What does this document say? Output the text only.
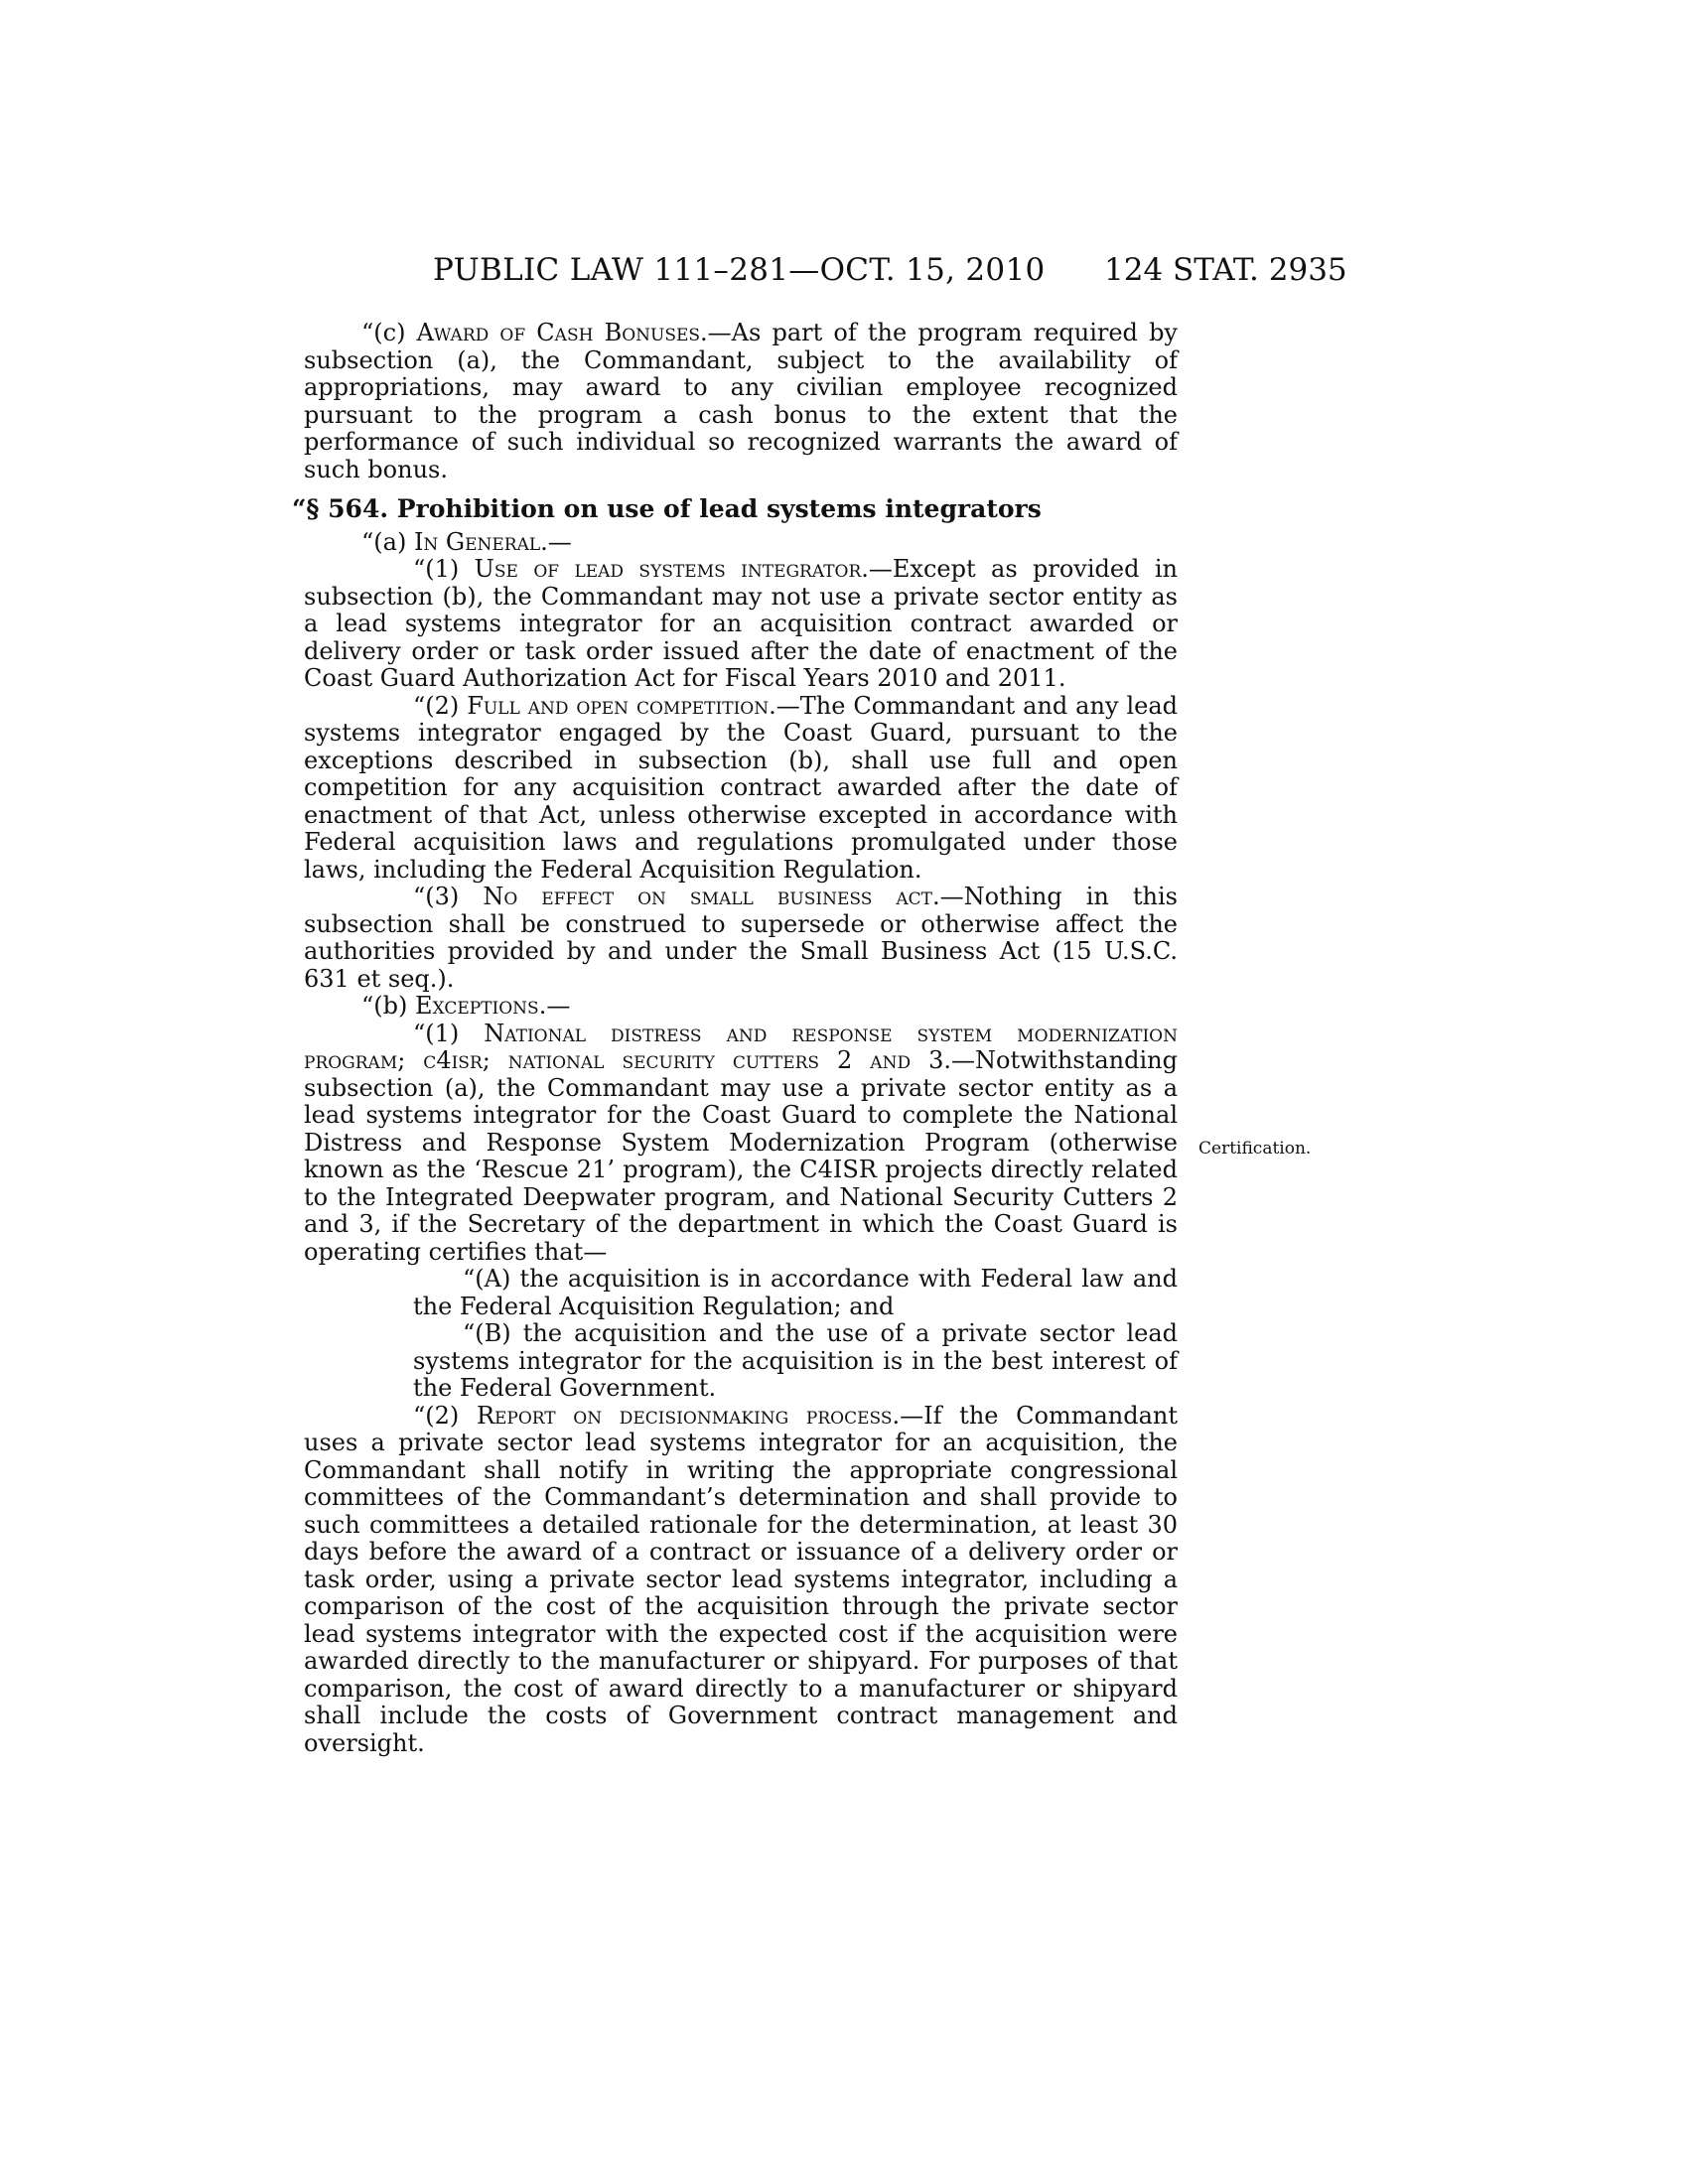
PUBLIC LAW 111–281—OCT. 15, 2010 124 STAT. 2935

“(c) Award of Cash Bonuses.—As part of the program required by subsection (a), the Commandant, subject to the availability of appropriations, may award to any civilian employee recognized pursuant to the program a cash bonus to the extent that the performance of such individual so recognized warrants the award of such bonus.

“§ 564. Prohibition on use of lead systems integrators

“(a) In General.—

“(1) Use of lead systems integrator.—Except as provided in subsection (b), the Commandant may not use a private sector entity as a lead systems integrator for an acquisition contract awarded or delivery order or task order issued after the date of enactment of the Coast Guard Authorization Act for Fiscal Years 2010 and 2011.

“(2) Full and open competition.—The Commandant and any lead systems integrator engaged by the Coast Guard, pursuant to the exceptions described in subsection (b), shall use full and open competition for any acquisition contract awarded after the date of enactment of that Act, unless otherwise excepted in accordance with Federal acquisition laws and regulations promulgated under those laws, including the Federal Acquisition Regulation.

“(3) No effect on small business act.—Nothing in this subsection shall be construed to supersede or otherwise affect the authorities provided by and under the Small Business Act (15 U.S.C. 631 et seq.).

“(b) Exceptions.—

“(1) National distress and response system modernization program; c4isr; national security cutters 2 and 3.—Notwithstanding subsection (a), the Commandant may use a private sector entity as a lead systems integrator for the Coast Guard to complete the National Distress and Response System Modernization Program (otherwise known as the ‘Rescue 21’ program), the C4ISR projects directly related to the Integrated Deepwater program, and National Security Cutters 2 and 3, if the Secretary of the department in which the Coast Guard is operating certifies that—

“(A) the acquisition is in accordance with Federal law and the Federal Acquisition Regulation; and

“(B) the acquisition and the use of a private sector lead systems integrator for the acquisition is in the best interest of the Federal Government.

“(2) Report on decisionmaking process.—If the Commandant uses a private sector lead systems integrator for an acquisition, the Commandant shall notify in writing the appropriate congressional committees of the Commandant’s determination and shall provide to such committees a detailed rationale for the determination, at least 30 days before the award of a contract or issuance of a delivery order or task order, using a private sector lead systems integrator, including a comparison of the cost of the acquisition through the private sector lead systems integrator with the expected cost if the acquisition were awarded directly to the manufacturer or shipyard. For purposes of that comparison, the cost of award directly to a manufacturer or shipyard shall include the costs of Government contract management and oversight.

Certification.
